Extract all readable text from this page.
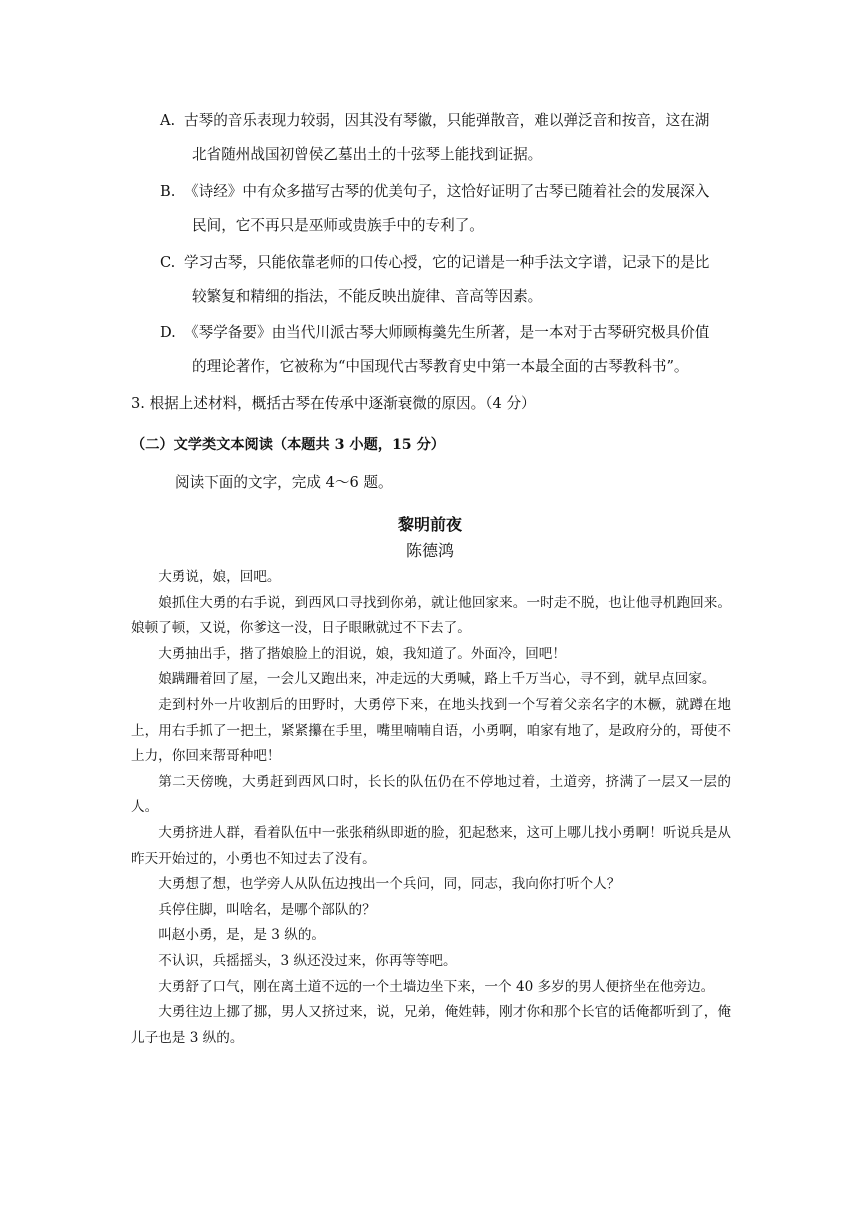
A. 古琴的音乐表现力较弱，因其没有琴徽，只能弹散音，难以弹泛音和按音，这在湖
北省随州战国初曾侯乙墓出土的十弦琴上能找到证据。
B. 《诗经》中有众多描写古琴的优美句子，这恰好证明了古琴已随着社会的发展深入
民间，它不再只是巫师或贵族手中的专利了。
C. 学习古琴，只能依靠老师的口传心授，它的记谱是一种手法文字谱，记录下的是比
较繁复和精细的指法，不能反映出旋律、音高等因素。
D. 《琴学备要》由当代川派古琴大师顾梅羹先生所著，是一本对于古琴研究极具价值
的理论著作，它被称为“中国现代古琴教育史中第一本最全面的古琴教科书”。
3. 根据上述材料，概括古琴在传承中逐渐衰微的原因。（4 分）
（二）文学类文本阅读（本题共 3 小题，15 分）
阅读下面的文字，完成 4～6 题。
黎明前夜
陈德鸿

大勇说，娘，回吧。

娘抓住大勇的右手说，到西风口寻找到你弟，就让他回家来。一时走不脱，也让他寻机跑回来。娘顿了顿，又说，你爹这一没，日子眼瞅就过不下去了。

大勇抽出手，揩了揩娘脸上的泪说，娘，我知道了。外面冷，回吧！

娘蹒跚着回了屋，一会儿又跑出来，冲走远的大勇喊，路上千万当心，寻不到，就早点回家。

走到村外一片收割后的田野时，大勇停下来，在地头找到一个写着父亲名字的木橛，就蹲在地上，用右手抓了一把土，紧紧攥在手里，嘴里喃喃自语，小勇啊，咱家有地了，是政府分的，哥使不上力，你回来帮哥种吧！

第二天傍晚，大勇赶到西风口时，长长的队伍仍在不停地过着，土道旁，挤满了一层又一层的人。

大勇挤进人群，看着队伍中一张张稍纵即逝的脸，犯起愁来，这可上哪儿找小勇啊！听说兵是从昨天开始过的，小勇也不知过去了没有。

大勇想了想，也学旁人从队伍边拽出一个兵问，同，同志，我向你打听个人？

兵停住脚，叫啥名，是哪个部队的？

叫赵小勇，是，是 3 纵的。

不认识，兵摇摇头，3 纵还没过来，你再等等吧。

大勇舒了口气，刚在离土道不远的一个土墙边坐下来，一个 40 多岁的男人便挤坐在他旁边。

大勇往边上挪了挪，男人又挤过来，说，兄弟，俺姓韩，刚才你和那个长官的话俺都听到了，俺儿子也是 3 纵的。
